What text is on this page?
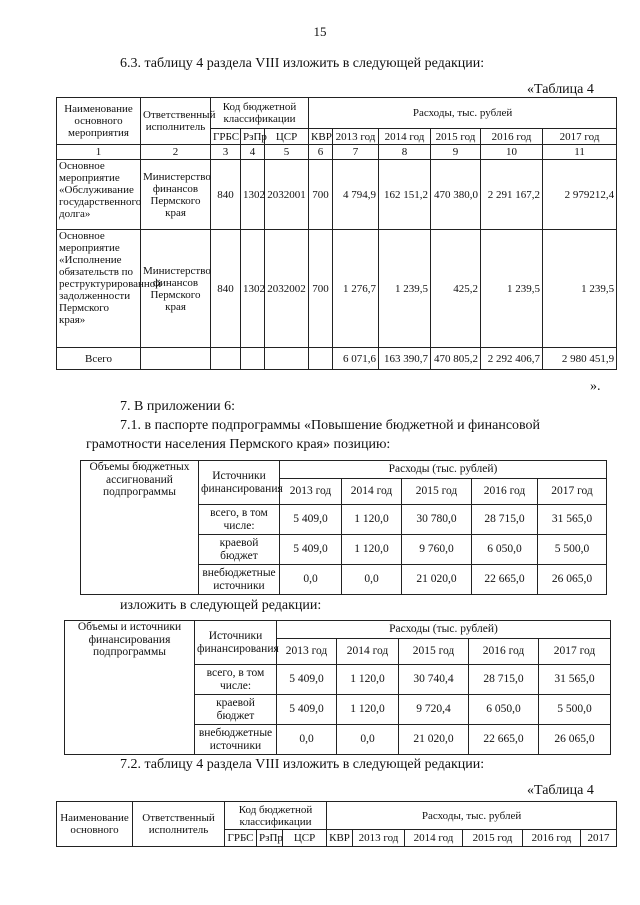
15
6.3. таблицу 4 раздела VIII изложить в следующей редакции:
«Таблица 4
Наименование основного мероприятия	Ответственный исполнитель	Код бюджетной классификации			Расходы, тыс. рублей					
		ГРБС	РзПр	ЦСР	КВР	2013 год	2014 год	2015 год	2016 год	2017 год
1	2	3	4	5	6	7	8	9	10	11
Основное мероприятие «Обслуживание государственного долга»	Министерство финансов Пермского края	840	1302	2032001	700	4 794,9	162 151,2	470 380,0	2 291 167,2	2 979212,4
Основное мероприятие «Исполнение обязательств по реструктурированной задолженности Пермского края»	Министерство финансов Пермского края	840	1302	2032002	700	1 276,7	1 239,5	425,2	1 239,5	1 239,5
Всего						6 071,6	163 390,7	470 805,2	2 292 406,7	2 980 451,9
».
7. В приложении 6:
7.1. в паспорте подпрограммы «Повышение бюджетной и финансовой
грамотности населения Пермского края» позицию:
Объемы бюджетных ассигнований подпрограммы	Источники финансирования	Расходы (тыс. рублей)				
		2013 год	2014 год	2015 год	2016 год	2017 год
	всего, в том числе:	5 409,0	1 120,0	30 780,0	28 715,0	31 565,0
	краевой бюджет	5 409,0	1 120,0	9 760,0	6 050,0	5 500,0
	внебюджетные источники	0,0	0,0	21 020,0	22 665,0	26 065,0
изложить в следующей редакции:
Объемы и источники финансирования подпрограммы	Источники финансирования	Расходы (тыс. рублей)				
		2013 год	2014 год	2015 год	2016 год	2017 год
	всего, в том числе:	5 409,0	1 120,0	30 740,4	28 715,0	31 565,0
	краевой бюджет	5 409,0	1 120,0	9 720,4	6 050,0	5 500,0
	внебюджетные источники	0,0	0,0	21 020,0	22 665,0	26 065,0
7.2. таблицу 4 раздела VIII изложить в следующей редакции:
«Таблица 4
Наименование основного	Ответственный исполнитель	Код бюджетной классификации			Расходы, тыс. рублей					
		ГРБС	РзПр	ЦСР	КВР	2013 год	2014 год	2015 год	2016 год	2017
